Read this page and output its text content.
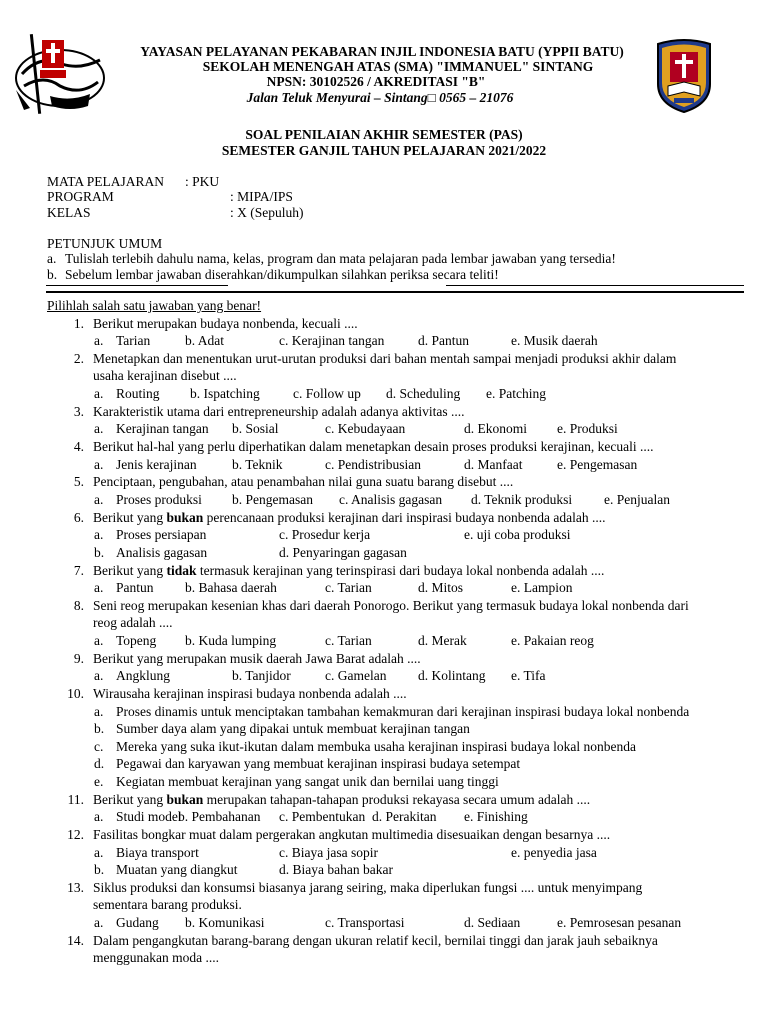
YAYASAN PELAYANAN PEKABARAN INJIL INDONESIA BATU (YPPII BATU)
SEKOLAH MENENGAH ATAS (SMA) "IMMANUEL" SINTANG
NPSN: 30102526 / AKREDITASI "B"
Jalan Teluk Menyurai – Sintang□ 0565 – 21076
SOAL PENILAIAN AKHIR SEMESTER (PAS)
SEMESTER GANJIL TAHUN PELAJARAN 2021/2022
MATA PELAJARAN : PKU
PROGRAM	: MIPA/IPS
KELAS	: X (Sepuluh)
PETUNJUK UMUM
a. Tulislah terlebih dahulu nama, kelas, program dan mata pelajaran pada lembar jawaban yang tersedia!
b. Sebelum lembar jawaban diserahkan/dikumpulkan silahkan periksa secara teliti!
Pilihlah salah satu jawaban yang benar!
1. Berikut merupakan budaya nonbenda, kecuali ....
a. Tarian	b. Adat	c. Kerajinan tangan d. Pantun	e. Musik daerah
2. Menetapkan dan menentukan urut-urutan produksi dari bahan mentah sampai menjadi produksi akhir dalam
usaha kerajinan disebut ....
a. Routing b. Ispatching c. Follow up d. Scheduling e. Patching
3. Karakteristik utama dari entrepreneurship adalah adanya aktivitas ....
a. Kerajinan tangan b. Sosial	c. Kebudayaan	d. Ekonomi e. Produksi
4. Berikut hal-hal yang perlu diperhatikan dalam menetapkan desain proses produksi kerajinan, kecuali ....
a. Jenis kerajinan	b. Teknik	c. Pendistribusian	d. Manfaat	e. Pengemasan
5. Penciptaan, pengubahan, atau penambahan nilai guna suatu barang disebut ....
a. Proses produksi b. Pengemasan c. Analisis gagasan d. Teknik produksi e. Penjualan
6. Berikut yang bukan perencanaan produksi kerajinan dari inspirasi budaya nonbenda adalah ....
a. Proses persiapan	c. Prosedur kerja	e. uji coba produksi
b. Analisis gagasan	d. Penyaringan gagasan
7. Berikut yang tidak termasuk kerajinan yang terinspirasi dari budaya lokal nonbenda adalah ....
a. Pantun b. Bahasa daerah	c. Tarian	d. Mitos	e. Lampion
8. Seni reog merupakan kesenian khas dari daerah Ponorogo. Berikut yang termasuk budaya lokal nonbenda dari
reog adalah ....
a. Topeng b. Kuda lumping	c. Tarian	d. Merak	e. Pakaian reog
9. Berikut yang merupakan musik daerah Jawa Barat adalah ....
a. Angklung	b. Tanjidor	c. Gamelan d. Kolintang e. Tifa
10. Wirausaha kerajinan inspirasi budaya nonbenda adalah ....
a. Proses dinamis untuk menciptakan tambahan kemakmuran dari kerajinan inspirasi budaya lokal nonbenda
b. Sumber daya alam yang dipakai untuk membuat kerajinan tangan
c. Mereka yang suka ikut-ikutan dalam membuka usaha kerajinan inspirasi budaya lokal nonbenda
d. Pegawai dan karyawan yang membuat kerajinan inspirasi budaya setempat
e. Kegiatan membuat kerajinan yang sangat unik dan bernilai uang tinggi
11. Berikut yang bukan merupakan tahapan-tahapan produksi rekayasa secara umum adalah ....
a. Studi model
b. Pembahanan c. Pembentukan d. Perakitan e. Finishing
12. Fasilitas bongkar muat dalam pergerakan angkutan multimedia disesuaikan dengan besarnya ....
a. Biaya transport	c. Biaya jasa sopir	e. penyedia jasa
b. Muatan yang diangkut	d. Biaya bahan bakar
13. Siklus produksi dan konsumsi biasanya jarang seiring, maka diperlukan fungsi .... untuk menyimpang
sementara barang produksi.
a. Gudang b. Komunikasi	c. Transportasi	d. Sediaan	e. Pemrosesan pesanan
14. Dalam pengangkutan barang-barang dengan ukuran relatif kecil, bernilai tinggi dan jarak jauh sebaiknya
menggunakan moda ....
